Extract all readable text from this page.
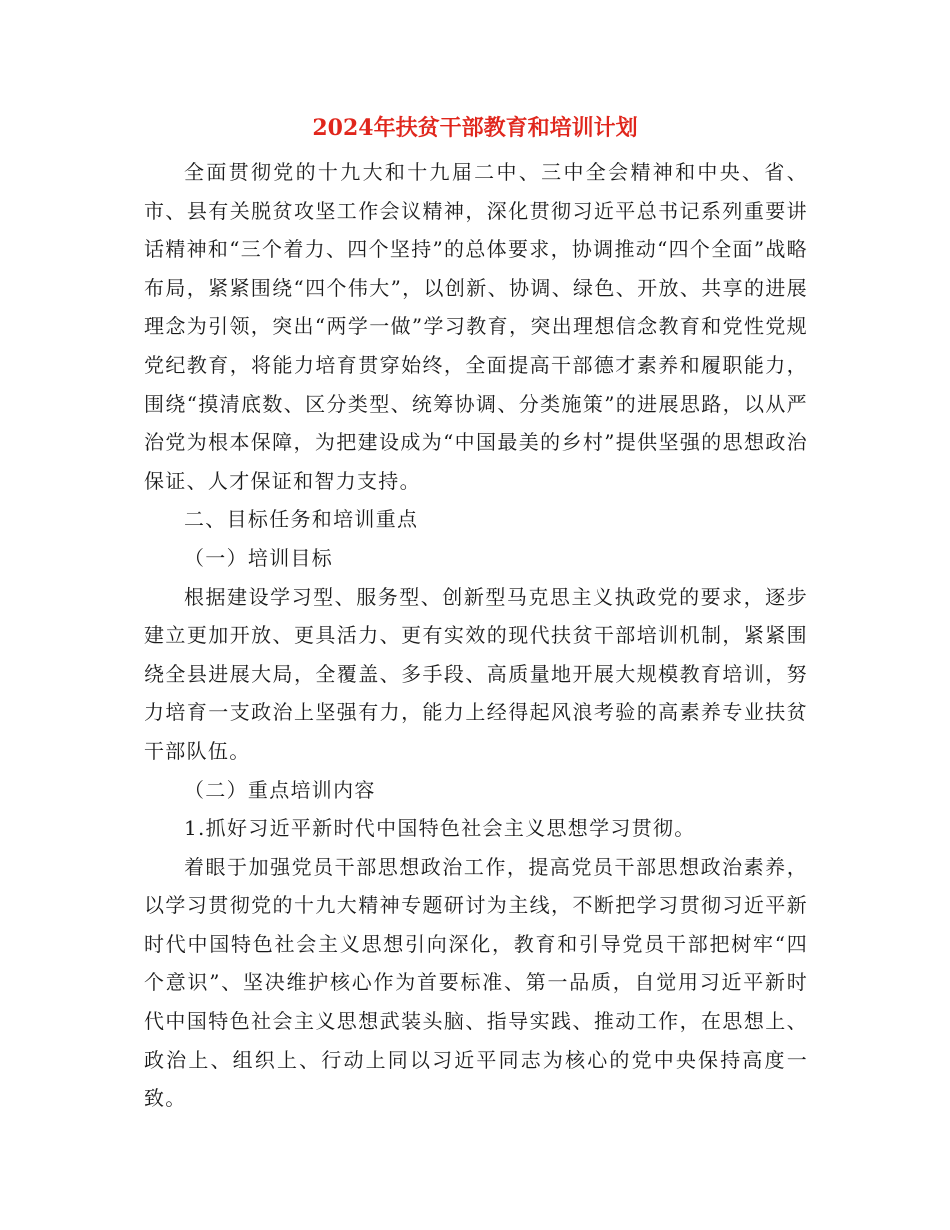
2024年扶贫干部教育和培训计划

全面贯彻党的十九大和十九届二中、三中全会精神和中央、省、市、县有关脱贫攻坚工作会议精神，深化贯彻习近平总书记系列重要讲话精神和“三个着力、四个坚持”的总体要求，协调推动“四个全面”战略布局，紧紧围绕“四个伟大”，以创新、协调、绿色、开放、共享的进展理念为引领，突出“两学一做”学习教育，突出理想信念教育和党性党规党纪教育，将能力培育贯穿始终，全面提高干部德才素养和履职能力，围绕“摸清底数、区分类型、统筹协调、分类施策”的进展思路，以从严治党为根本保障，为把建设成为“中国最美的乡村”提供坚强的思想政治保证、人才保证和智力支持。

二、目标任务和培训重点

（一）培训目标

根据建设学习型、服务型、创新型马克思主义执政党的要求，逐步建立更加开放、更具活力、更有实效的现代扶贫干部培训机制，紧紧围绕全县进展大局，全覆盖、多手段、高质量地开展大规模教育培训，努力培育一支政治上坚强有力，能力上经得起风浪考验的高素养专业扶贫干部队伍。

（二）重点培训内容

1.抓好习近平新时代中国特色社会主义思想学习贯彻。

着眼于加强党员干部思想政治工作，提高党员干部思想政治素养，以学习贯彻党的十九大精神专题研讨为主线，不断把学习贯彻习近平新时代中国特色社会主义思想引向深化，教育和引导党员干部把树牢“四个意识”、坚决维护核心作为首要标准、第一品质，自觉用习近平新时代中国特色社会主义思想武装头脑、指导实践、推动工作，在思想上、政治上、组织上、行动上同以习近平同志为核心的党中央保持高度一致。
